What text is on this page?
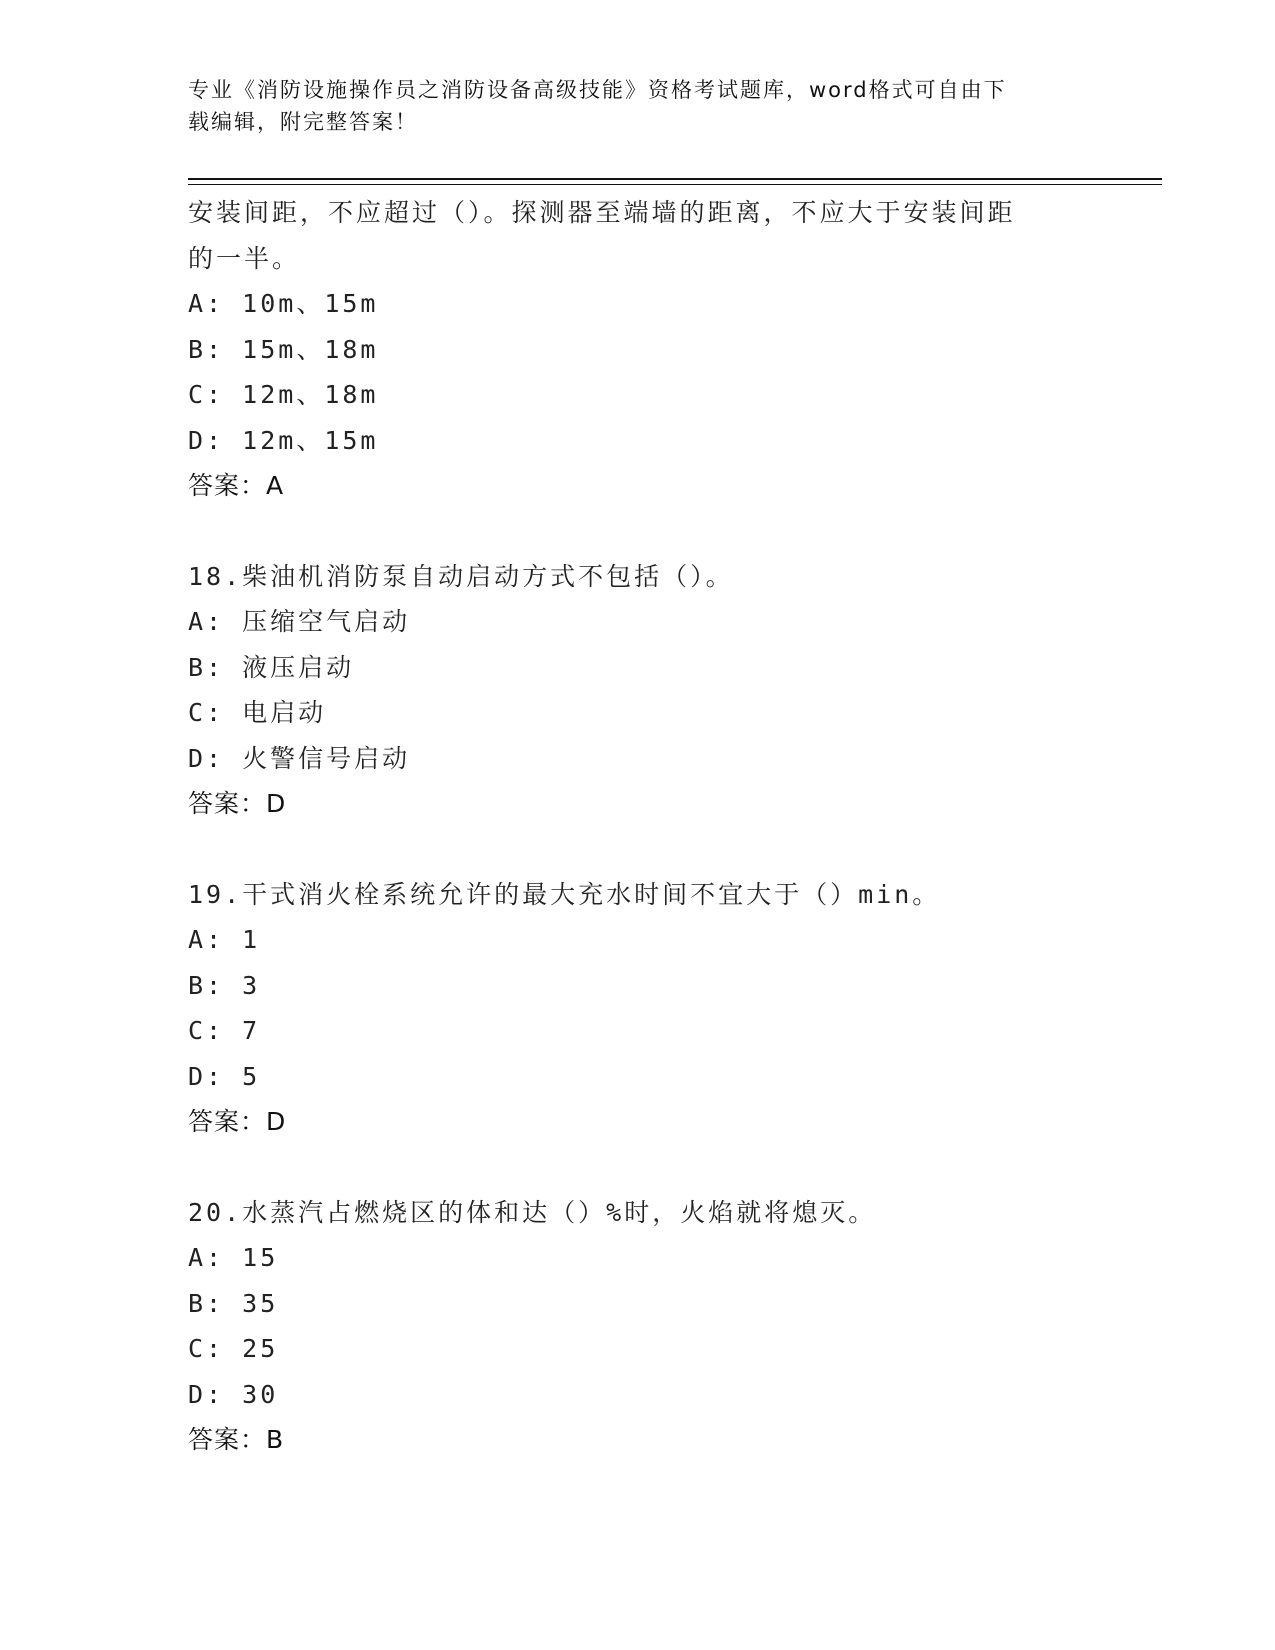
专业《消防设施操作员之消防设备高级技能》资格考试题库，word格式可自由下
载编辑，附完整答案！
安装间距，不应超过（）。探测器至端墙的距离，不应大于安装间距
的一半。
A: 10m、15m
B: 15m、18m
C: 12m、18m
D: 12m、15m
答案：A
18.柴油机消防泵自动启动方式不包括（）。
A: 压缩空气启动
B: 液压启动
C: 电启动
D: 火警信号启动
答案：D
19.干式消火栓系统允许的最大充水时间不宜大于（）min。
A: 1
B: 3
C: 7
D: 5
答案：D
20.水蒸汽占燃烧区的体和达（）%时，火焰就将熄灭。
A: 15
B: 35
C: 25
D: 30
答案：B
